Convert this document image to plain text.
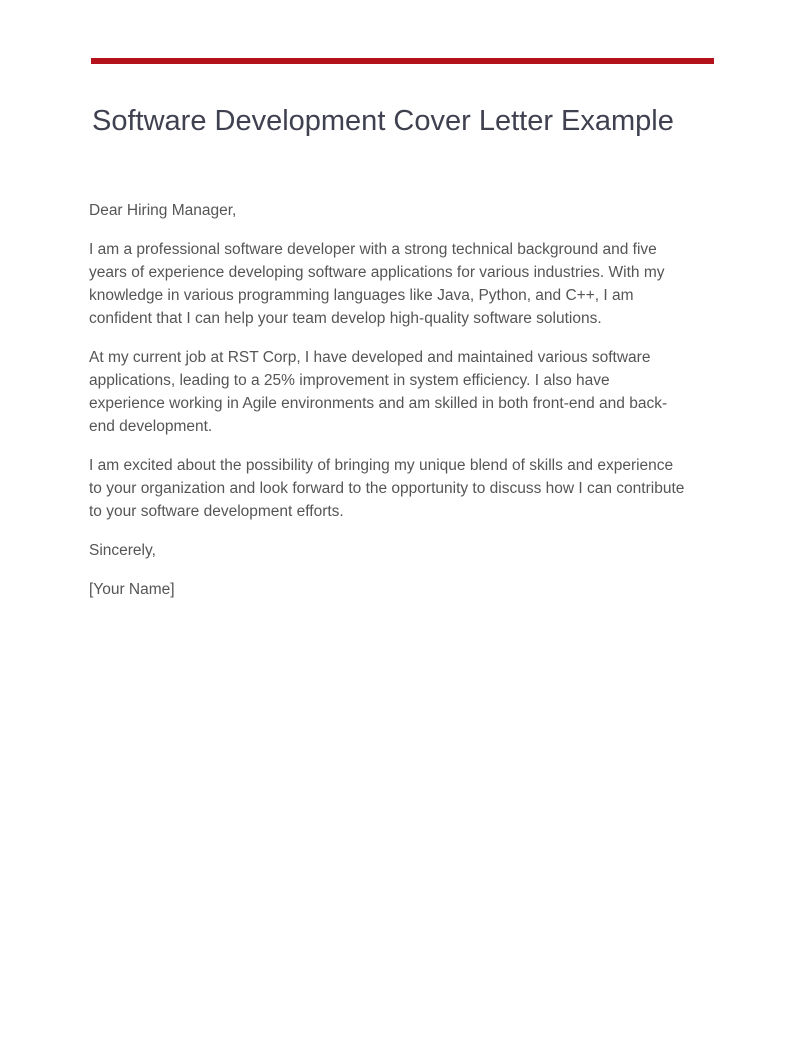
Software Development Cover Letter Example

Dear Hiring Manager,

I am a professional software developer with a strong technical background and five years of experience developing software applications for various industries. With my knowledge in various programming languages like Java, Python, and C++, I am confident that I can help your team develop high-quality software solutions.

At my current job at RST Corp, I have developed and maintained various software applications, leading to a 25% improvement in system efficiency. I also have experience working in Agile environments and am skilled in both front-end and back-end development.

I am excited about the possibility of bringing my unique blend of skills and experience to your organization and look forward to the opportunity to discuss how I can contribute to your software development efforts.

Sincerely,

[Your Name]
